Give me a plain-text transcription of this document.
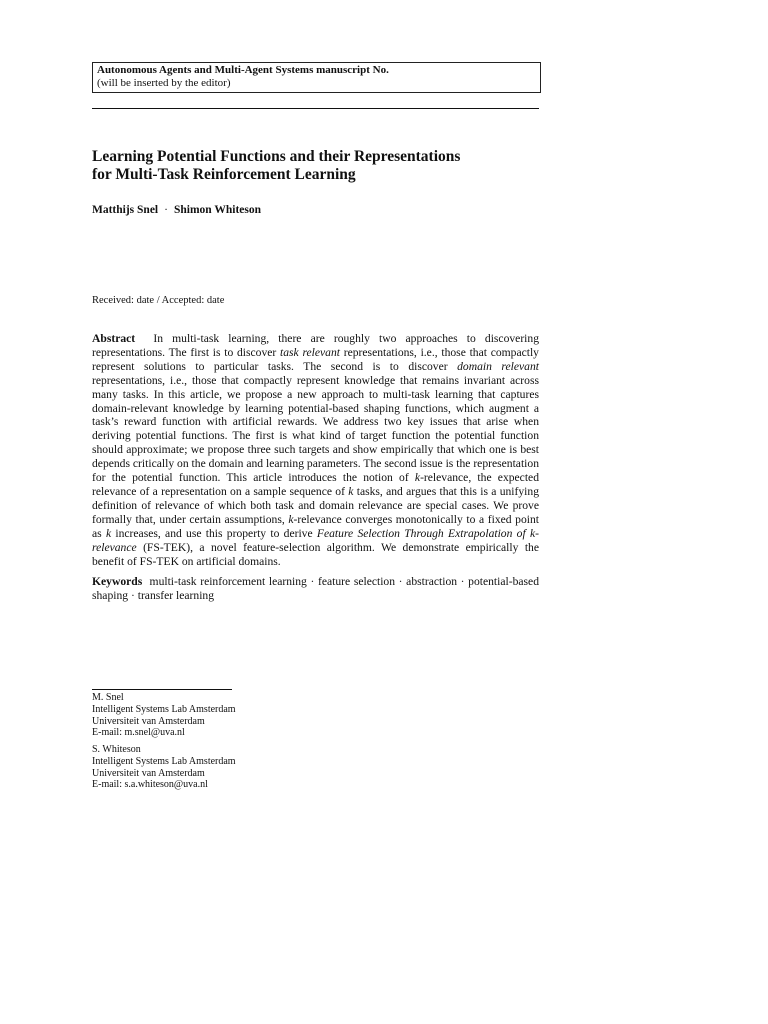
Autonomous Agents and Multi-Agent Systems manuscript No.
(will be inserted by the editor)
Learning Potential Functions and their Representations
for Multi-Task Reinforcement Learning
Matthijs Snel · Shimon Whiteson
Received: date / Accepted: date

Abstract In multi-task learning, there are roughly two approaches to discovering representations. The first is to discover task relevant representations, i.e., those that compactly represent solutions to particular tasks. The second is to discover domain relevant representations, i.e., those that compactly represent knowledge that remains invariant across many tasks. In this article, we propose a new approach to multi-task learning that captures domain-relevant knowledge by learning potential-based shaping functions, which augment a task’s reward function with artificial rewards. We address two key issues that arise when deriving potential functions. The first is what kind of target function the potential function should approximate; we propose three such targets and show empirically that which one is best depends critically on the domain and learning parameters. The second issue is the representation for the potential function. This article introduces the notion of k-relevance, the expected relevance of a representation on a sample sequence of k tasks, and argues that this is a unifying definition of relevance of which both task and domain relevance are special cases. We prove formally that, under certain assumptions, k-relevance converges monotonically to a fixed point as k increases, and use this property to derive Feature Selection Through Extrapolation of k-relevance (FS-TEK), a novel feature-selection algorithm. We demonstrate empirically the benefit of FS-TEK on artificial domains.

Keywords multi-task reinforcement learning · feature selection · abstraction · potential-based shaping · transfer learning

M. Snel
Intelligent Systems Lab Amsterdam
Universiteit van Amsterdam
E-mail: m.snel@uva.nl
S. Whiteson
Intelligent Systems Lab Amsterdam
Universiteit van Amsterdam
E-mail: s.a.whiteson@uva.nl
